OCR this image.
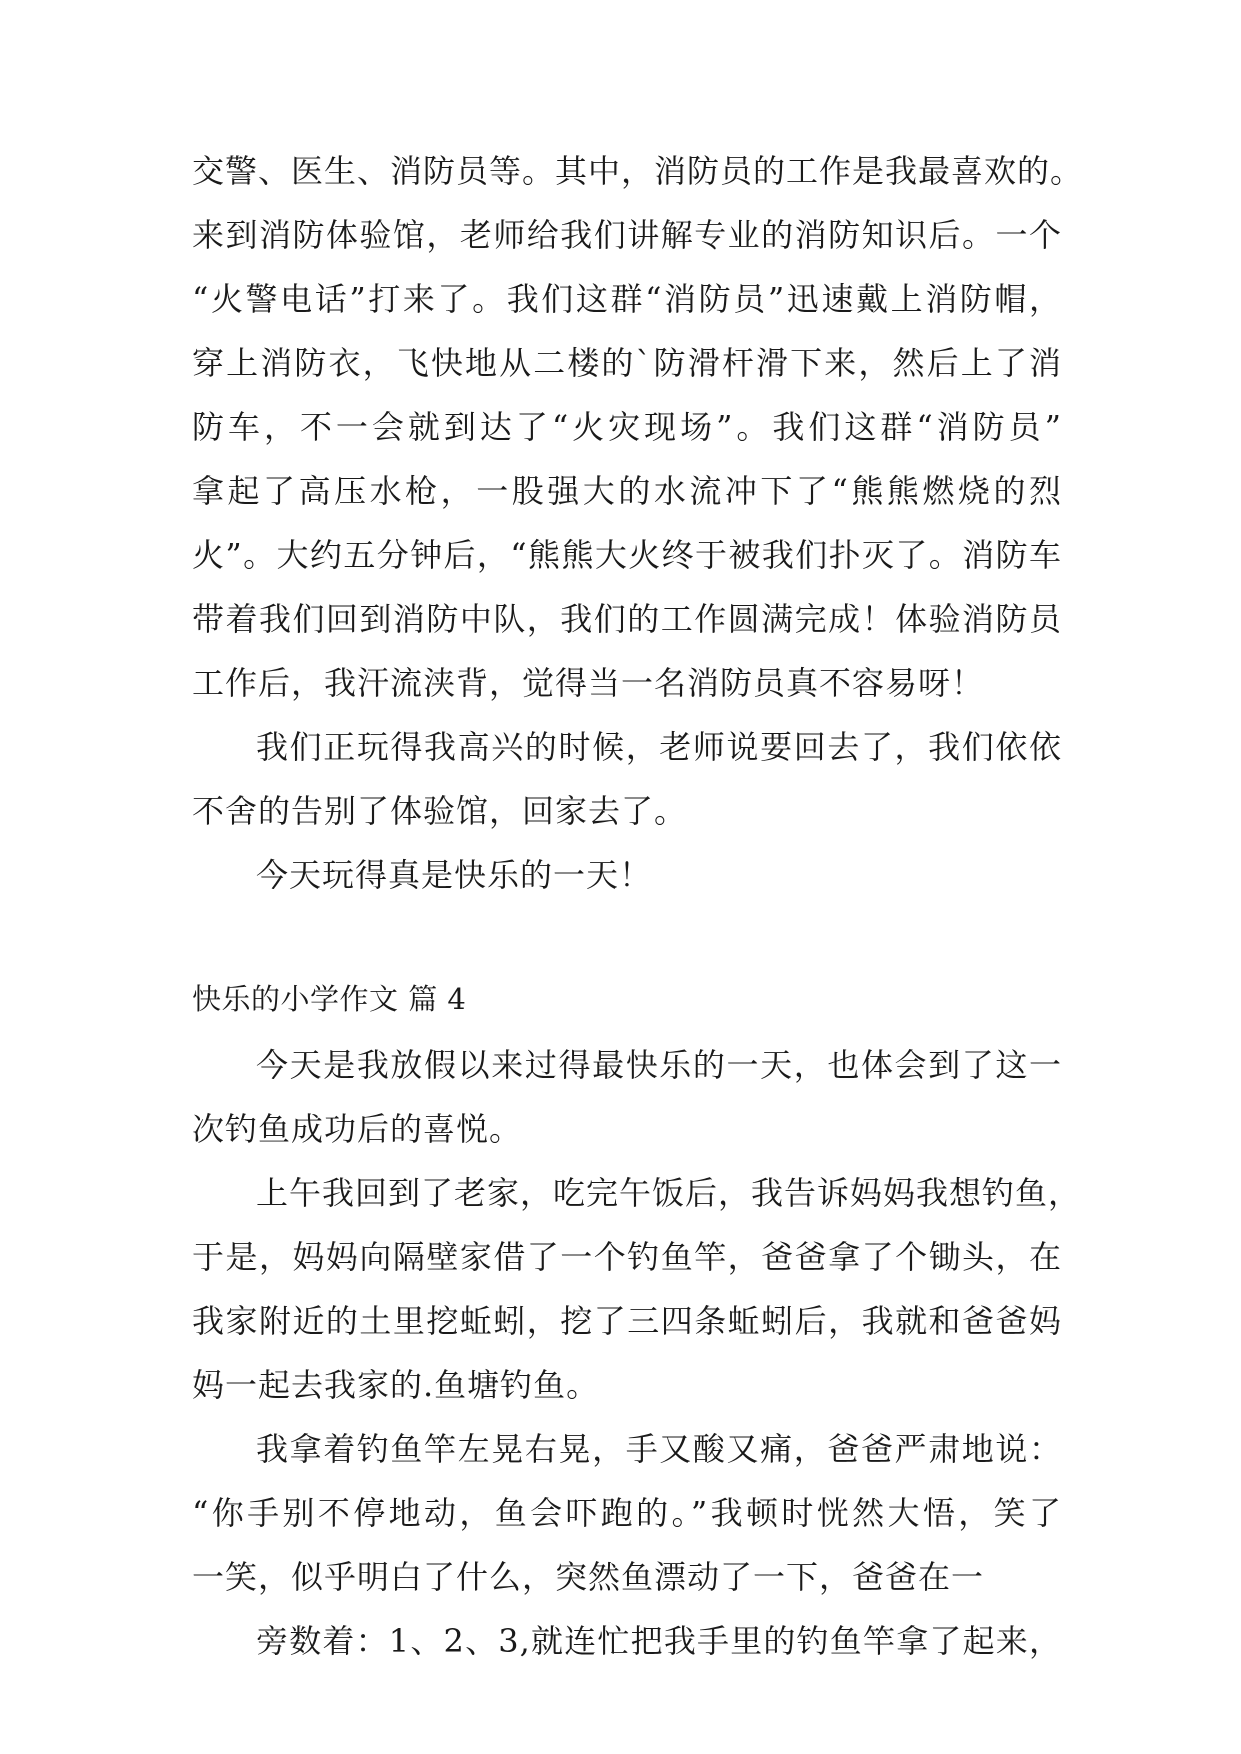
交警、医生、消防员等。其中，消防员的工作是我最喜欢的。
来到消防体验馆，老师给我们讲解专业的消防知识后。一个
“火警电话”打来了。我们这群“消防员”迅速戴上消防帽，
穿上消防衣，飞快地从二楼的`防滑杆滑下来，然后上了消
防车，不一会就到达了“火灾现场”。我们这群“消防员”
拿起了高压水枪，一股强大的水流冲下了“熊熊燃烧的烈
火”。大约五分钟后，“熊熊大火终于被我们扑灭了。消防车
带着我们回到消防中队，我们的工作圆满完成！体验消防员
工作后，我汗流浃背，觉得当一名消防员真不容易呀！
我们正玩得我高兴的时候，老师说要回去了，我们依依
不舍的告别了体验馆，回家去了。
今天玩得真是快乐的一天！
快乐的小学作文 篇 4
今天是我放假以来过得最快乐的一天，也体会到了这一
次钓鱼成功后的喜悦。
上午我回到了老家，吃完午饭后，我告诉妈妈我想钓鱼，
于是，妈妈向隔壁家借了一个钓鱼竿，爸爸拿了个锄头，在
我家附近的土里挖蚯蚓，挖了三四条蚯蚓后，我就和爸爸妈
妈一起去我家的.鱼塘钓鱼。
我拿着钓鱼竿左晃右晃，手又酸又痛，爸爸严肃地说：
“你手别不停地动，鱼会吓跑的。”我顿时恍然大悟，笑了
一笑，似乎明白了什么，突然鱼漂动了一下，爸爸在一
旁数着：1、2、3,就连忙把我手里的钓鱼竿拿了起来，
